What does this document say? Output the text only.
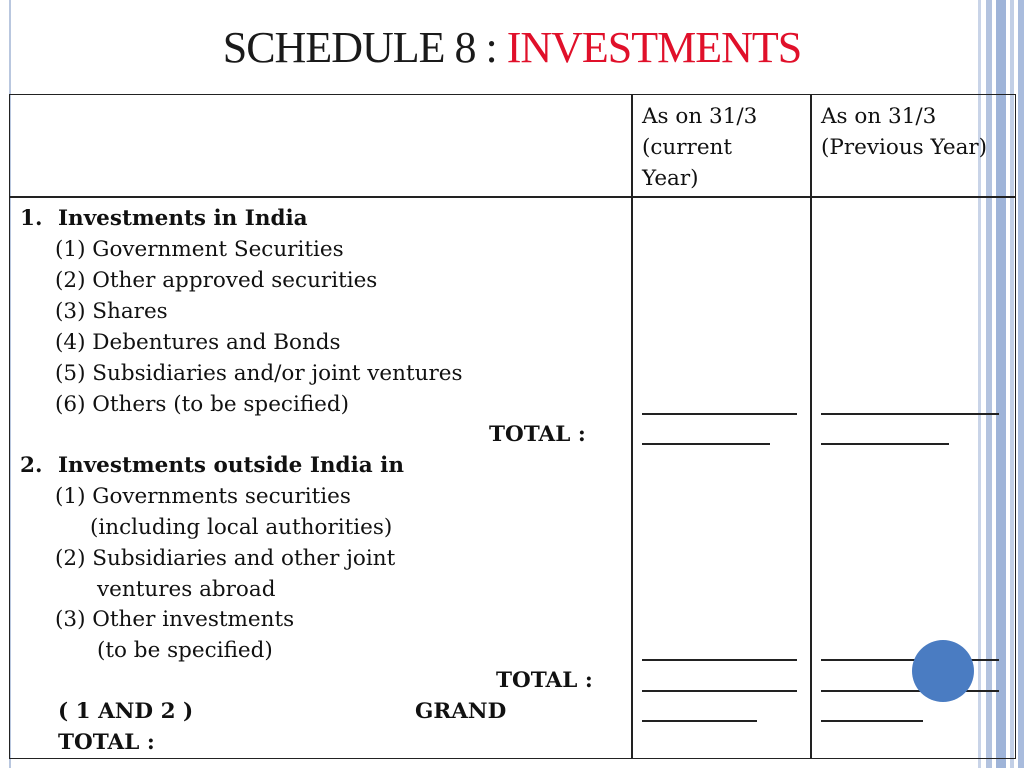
SCHEDULE 8 : INVESTMENTS
As on 31/3
(current
Year)
As on 31/3
(Previous Year)
1. Investments in India
(1) Government Securities
(2) Other approved securities
(3) Shares
(4) Debentures and Bonds
(5) Subsidiaries and/or joint ventures
(6) Others (to be specified)
TOTAL :
2. Investments outside India in
(1) Governments securities
(including local authorities)
(2) Subsidiaries and other joint
ventures abroad
(3) Other investments
(to be specified)
TOTAL :
( 1 AND 2 )	GRAND
TOTAL :
